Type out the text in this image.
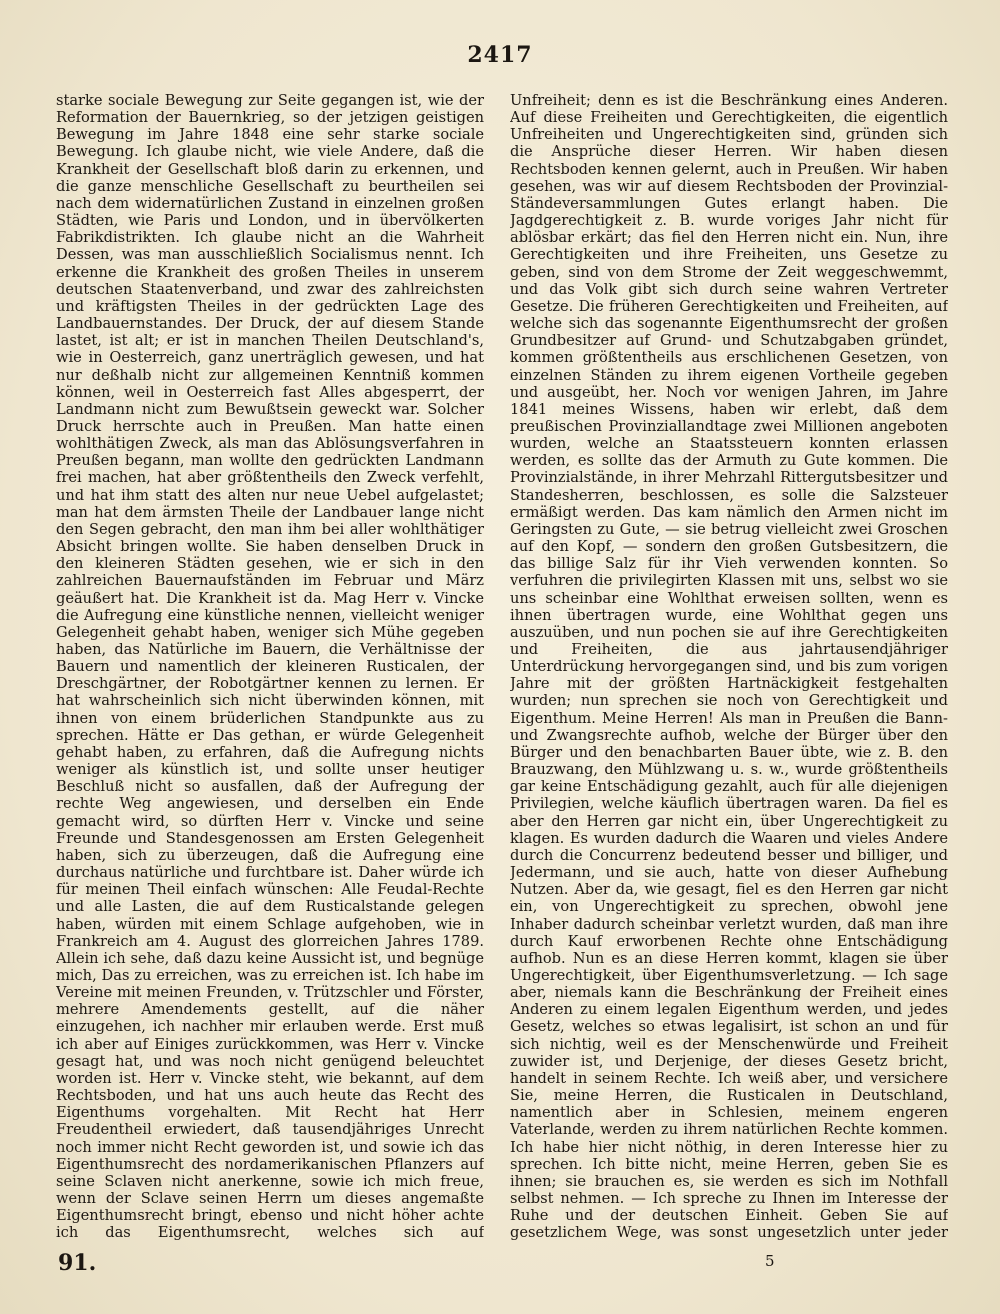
2417

starke sociale Bewegung zur Seite gegangen ist, wie der Reformation der Bauernkrieg, so der jetzigen geistigen Bewegung im Jahre 1848 eine sehr starke sociale Bewegung. Ich glaube nicht, wie viele Andere, daß die Krankheit der Gesellschaft bloß darin zu erkennen, und die ganze menschliche Gesellschaft zu beurtheilen sei nach dem widernatürlichen Zustand in einzelnen großen Städten, wie Paris und London, und in übervölkerten Fabrikdistrikten. Ich glaube nicht an die Wahrheit Dessen, was man ausschließlich Socialismus nennt. Ich erkenne die Krankheit des großen Theiles in unserem deutschen Staatenverband, und zwar des zahlreichsten und kräftigsten Theiles in der gedrückten Lage des Landbauernstandes. Der Druck, der auf diesem Stande lastet, ist alt; er ist in manchen Theilen Deutschland's, wie in Oesterreich, ganz unerträglich gewesen, und hat nur deßhalb nicht zur allgemeinen Kenntniß kommen können, weil in Oesterreich fast Alles abgesperrt, der Landmann nicht zum Bewußtsein geweckt war. Solcher Druck herrschte auch in Preußen. Man hatte einen wohlthätigen Zweck, als man das Ablösungsverfahren in Preußen begann, man wollte den gedrückten Landmann frei machen, hat aber größtentheils den Zweck verfehlt, und hat ihm statt des alten nur neue Uebel aufgelastet; man hat dem ärmsten Theile der Landbauer lange nicht den Segen gebracht, den man ihm bei aller wohlthätiger Absicht bringen wollte. Sie haben denselben Druck in den kleineren Städten gesehen, wie er sich in den zahlreichen Bauernaufständen im Februar und März geäußert hat. Die Krankheit ist da. Mag Herr v. Vincke die Aufregung eine künstliche nennen, vielleicht weniger Gelegenheit gehabt haben, weniger sich Mühe gegeben haben, das Natürliche im Bauern, die Verhältnisse der Bauern und namentlich der kleineren Rusticalen, der Dreschgärtner, der Robotgärtner kennen zu lernen. Er hat wahrscheinlich sich nicht überwinden können, mit ihnen von einem brüderlichen Standpunkte aus zu sprechen. Hätte er Das gethan, er würde Gelegenheit gehabt haben, zu erfahren, daß die Aufregung nichts weniger als künstlich ist, und sollte unser heutiger Beschluß nicht so ausfallen, daß der Aufregung der rechte Weg angewiesen, und derselben ein Ende gemacht wird, so dürften Herr v. Vincke und seine Freunde und Standesgenossen am Ersten Gelegenheit haben, sich zu überzeugen, daß die Aufregung eine durchaus natürliche und furchtbare ist. Daher würde ich für meinen Theil einfach wünschen: Alle Feudal-Rechte und alle Lasten, die auf dem Rusticalstande gelegen haben, würden mit einem Schlage aufgehoben, wie in Frankreich am 4. August des glorreichen Jahres 1789. Allein ich sehe, daß dazu keine Aussicht ist, und begnüge mich, Das zu erreichen, was zu erreichen ist. Ich habe im Vereine mit meinen Freunden, v. Trützschler und Förster, mehrere Amendements gestellt, auf die näher einzugehen, ich nachher mir erlauben werde. Erst muß ich aber auf Einiges zurückkommen, was Herr v. Vincke gesagt hat, und was noch nicht genügend beleuchtet worden ist. Herr v. Vincke steht, wie bekannt, auf dem Rechtsboden, und hat uns auch heute das Recht des Eigenthums vorgehalten. Mit Recht hat Herr Freudentheil erwiedert, daß tausendjähriges Unrecht noch immer nicht Recht geworden ist, und sowie ich das Eigenthumsrecht des nordamerikanischen Pflanzers auf seine Sclaven nicht anerkenne, sowie ich mich freue, wenn der Sclave seinen Herrn um dieses angemaßte Eigenthumsrecht bringt, ebenso und nicht höher achte ich das Eigenthumsrecht, welches sich auf

Unfreiheit; denn es ist die Beschränkung eines Anderen. Auf diese Freiheiten und Gerechtigkeiten, die eigentlich Unfreiheiten und Ungerechtigkeiten sind, gründen sich die Ansprüche dieser Herren. Wir haben diesen Rechtsboden kennen gelernt, auch in Preußen. Wir haben gesehen, was wir auf diesem Rechtsboden der Provinzial-Ständeversammlungen Gutes erlangt haben. Die Jagdgerechtigkeit z. B. wurde voriges Jahr nicht für ablösbar erkärt; das fiel den Herren nicht ein. Nun, ihre Gerechtigkeiten und ihre Freiheiten, uns Gesetze zu geben, sind von dem Strome der Zeit weggeschwemmt, und das Volk gibt sich durch seine wahren Vertreter Gesetze. Die früheren Gerechtigkeiten und Freiheiten, auf welche sich das sogenannte Eigenthumsrecht der großen Grundbesitzer auf Grund- und Schutzabgaben gründet, kommen größtentheils aus erschlichenen Gesetzen, von einzelnen Ständen zu ihrem eigenen Vortheile gegeben und ausgeübt, her. Noch vor wenigen Jahren, im Jahre 1841 meines Wissens, haben wir erlebt, daß dem preußischen Provinziallandtage zwei Millionen angeboten wurden, welche an Staatssteuern konnten erlassen werden, es sollte das der Armuth zu Gute kommen. Die Provinzialstände, in ihrer Mehrzahl Rittergutsbesitzer und Standesherren, beschlossen, es solle die Salzsteuer ermäßigt werden. Das kam nämlich den Armen nicht im Geringsten zu Gute, — sie betrug vielleicht zwei Groschen auf den Kopf, — sondern den großen Gutsbesitzern, die das billige Salz für ihr Vieh verwenden konnten. So verfuhren die privilegirten Klassen mit uns, selbst wo sie uns scheinbar eine Wohlthat erweisen sollten, wenn es ihnen übertragen wurde, eine Wohlthat gegen uns auszuüben, und nun pochen sie auf ihre Gerechtigkeiten und Freiheiten, die aus jahrtausendjähriger Unterdrückung hervorgegangen sind, und bis zum vorigen Jahre mit der größten Hartnäckigkeit festgehalten wurden; nun sprechen sie noch von Gerechtigkeit und Eigenthum. Meine Herren! Als man in Preußen die Bann- und Zwangsrechte aufhob, welche der Bürger über den Bürger und den benachbarten Bauer übte, wie z. B. den Brauzwang, den Mühlzwang u. s. w., wurde größtentheils gar keine Entschädigung gezahlt, auch für alle diejenigen Privilegien, welche käuflich übertragen waren. Da fiel es aber den Herren gar nicht ein, über Ungerechtigkeit zu klagen. Es wurden dadurch die Waaren und vieles Andere durch die Concurrenz bedeutend besser und billiger, und Jedermann, und sie auch, hatte von dieser Aufhebung Nutzen. Aber da, wie gesagt, fiel es den Herren gar nicht ein, von Ungerechtigkeit zu sprechen, obwohl jene Inhaber dadurch scheinbar verletzt wurden, daß man ihre durch Kauf erworbenen Rechte ohne Entschädigung aufhob. Nun es an diese Herren kommt, klagen sie über Ungerechtigkeit, über Eigenthumsverletzung. — Ich sage aber, niemals kann die Beschränkung der Freiheit eines Anderen zu einem legalen Eigenthum werden, und jedes Gesetz, welches so etwas legalisirt, ist schon an und für sich nichtig, weil es der Menschenwürde und Freiheit zuwider ist, und Derjenige, der dieses Gesetz bricht, handelt in seinem Rechte. Ich weiß aber, und versichere Sie, meine Herren, die Rusticalen in Deutschland, namentlich aber in Schlesien, meinem engeren Vaterlande, werden zu ihrem natürlichen Rechte kommen. Ich habe hier nicht nöthig, in deren Interesse hier zu sprechen. Ich bitte nicht, meine Herren, geben Sie es ihnen; sie brauchen es, sie werden es sich im Nothfall selbst nehmen. — Ich spreche zu Ihnen im Interesse der Ruhe und der deutschen Einheit. Geben Sie auf gesetzlichem Wege, was sonst ungesetzlich unter jeder

91.	5
